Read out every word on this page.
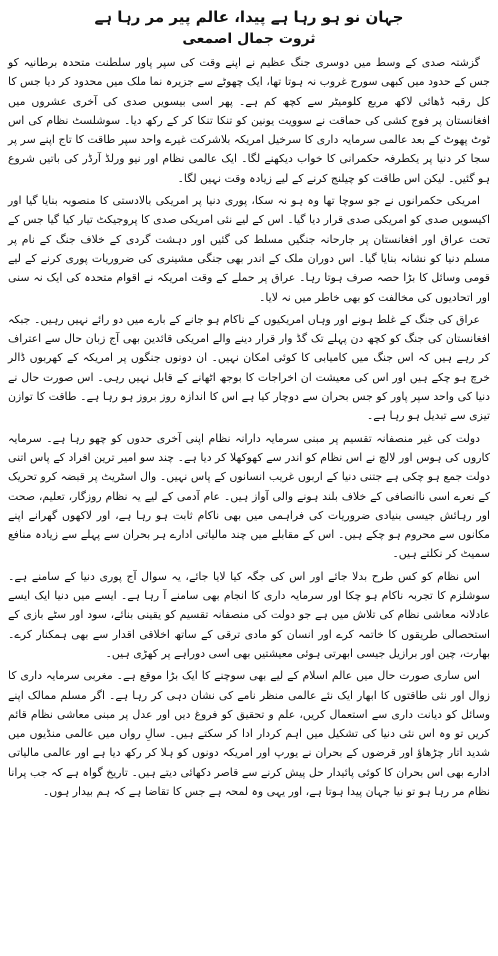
جہان نو ہو رہا ہے پیدا، عالم پیر مر رہا ہے
ثروت جمال اصمعی

گزشتہ صدی کے وسط میں دوسری جنگ عظیم نے اپنے وقت کی سپر پاور سلطنت متحدہ برطانیہ کو جس کے حدود میں کبھی سورج غروب نہ ہوتا تھا، ایک چھوٹے سے جزیرہ نما ملک میں محدود کر دیا جس کا کل رقبہ ڈھائی لاکھ مربع کلومیٹر سے کچھ کم ہے۔ پھر اسی بیسویں صدی کی آخری عشروں میں افغانستان پر فوج کشی کی حماقت نے سوویت یونین کو تنکا تنکا کر کے رکھ دیا۔ سوشلسٹ نظام کی اس ٹوٹ پھوٹ کے بعد عالمی سرمایہ داری کا سرخیل امریکہ بلاشرکت غیرے واحد سپر طاقت کا تاج اپنے سر پر سجا کر دنیا پر یکطرفہ حکمرانی کا خواب دیکھنے لگا۔ ایک عالمی نظام اور نیو ورلڈ آرڈر کی باتیں شروع ہو گئیں۔ لیکن اس طاقت کو چیلنج کرنے کے لیے زیادہ وقت نہیں لگا۔

امریکی حکمرانوں نے جو سوچا تھا وہ ہو نہ سکا، پوری دنیا پر امریکی بالادستی کا منصوبہ بنایا گیا اور اکیسویں صدی کو امریکی صدی قرار دیا گیا۔ اس کے لیے نئی امریکی صدی کا پروجیکٹ تیار کیا گیا جس کے تحت عراق اور افغانستان پر جارحانہ جنگیں مسلط کی گئیں اور دہشت گردی کے خلاف جنگ کے نام پر مسلم دنیا کو نشانہ بنایا گیا۔ اس دوران ملک کے اندر بھی جنگی مشینری کی ضروریات پوری کرنے کے لیے قومی وسائل کا بڑا حصہ صرف ہوتا رہا۔ عراق پر حملے کے وقت امریکہ نے اقوام متحدہ کی ایک نہ سنی اور اتحادیوں کی مخالفت کو بھی خاطر میں نہ لایا۔

عراق کی جنگ کے غلط ہونے اور وہاں امریکیوں کے ناکام ہو جانے کے بارے میں دو رائے نہیں رہیں۔ جبکہ افغانستان کی جنگ کو کچھ دن پہلے تک گڈ وار قرار دینے والے امریکی قائدین بھی آج زبان حال سے اعتراف کر رہے ہیں کہ اس جنگ میں کامیابی کا کوئی امکان نہیں۔ ان دونوں جنگوں پر امریکہ کے کھربوں ڈالر خرچ ہو چکے ہیں اور اس کی معیشت ان اخراجات کا بوجھ اٹھانے کے قابل نہیں رہی۔ اس صورت حال نے دنیا کی واحد سپر پاور کو جس بحران سے دوچار کیا ہے اس کا اندازہ روز بروز ہو رہا ہے۔ طاقت کا توازن تیزی سے تبدیل ہو رہا ہے۔

دولت کی غیر منصفانہ تقسیم پر مبنی سرمایہ دارانہ نظام اپنی آخری حدوں کو چھو رہا ہے۔ سرمایہ کاروں کی ہوس اور لالچ نے اس نظام کو اندر سے کھوکھلا کر دیا ہے۔ چند سو امیر ترین افراد کے پاس اتنی دولت جمع ہو چکی ہے جتنی دنیا کے اربوں غریب انسانوں کے پاس نہیں۔ وال اسٹریٹ پر قبضہ کرو تحریک کے نعرے اسی ناانصافی کے خلاف بلند ہونے والی آواز ہیں۔ عام آدمی کے لیے یہ نظام روزگار، تعلیم، صحت اور رہائش جیسی بنیادی ضروریات کی فراہمی میں بھی ناکام ثابت ہو رہا ہے، اور لاکھوں گھرانے اپنے مکانوں سے محروم ہو چکے ہیں۔ اس کے مقابلے میں چند مالیاتی ادارے ہر بحران سے پہلے سے زیادہ منافع سمیٹ کر نکلتے ہیں۔

اس نظام کو کس طرح بدلا جائے اور اس کی جگہ کیا لایا جائے، یہ سوال آج پوری دنیا کے سامنے ہے۔ سوشلزم کا تجربہ ناکام ہو چکا اور سرمایہ داری کا انجام بھی سامنے آ رہا ہے۔ ایسے میں دنیا ایک ایسے عادلانہ معاشی نظام کی تلاش میں ہے جو دولت کی منصفانہ تقسیم کو یقینی بنائے، سود اور سٹے بازی کے استحصالی طریقوں کا خاتمہ کرے اور انسان کو مادی ترقی کے ساتھ اخلاقی اقدار سے بھی ہمکنار کرے۔ بھارت، چین اور برازیل جیسی ابھرتی ہوئی معیشتیں بھی اسی دوراہے پر کھڑی ہیں۔

اس ساری صورت حال میں عالم اسلام کے لیے بھی سوچنے کا ایک بڑا موقع ہے۔ مغربی سرمایہ داری کا زوال اور نئی طاقتوں کا ابھار ایک نئے عالمی منظر نامے کی نشان دہی کر رہا ہے۔ اگر مسلم ممالک اپنے وسائل کو دیانت داری سے استعمال کریں، علم و تحقیق کو فروغ دیں اور عدل پر مبنی معاشی نظام قائم کریں تو وہ اس نئی دنیا کی تشکیل میں اہم کردار ادا کر سکتے ہیں۔ سالِ رواں میں عالمی منڈیوں میں شدید اتار چڑھاؤ اور قرضوں کے بحران نے یورپ اور امریکہ دونوں کو ہلا کر رکھ دیا ہے اور عالمی مالیاتی ادارے بھی اس بحران کا کوئی پائیدار حل پیش کرنے سے قاصر دکھائی دیتے ہیں۔ تاریخ گواہ ہے کہ جب پرانا نظام مر رہا ہو تو نیا جہان پیدا ہوتا ہے، اور یہی وہ لمحہ ہے جس کا تقاضا ہے کہ ہم بیدار ہوں۔
